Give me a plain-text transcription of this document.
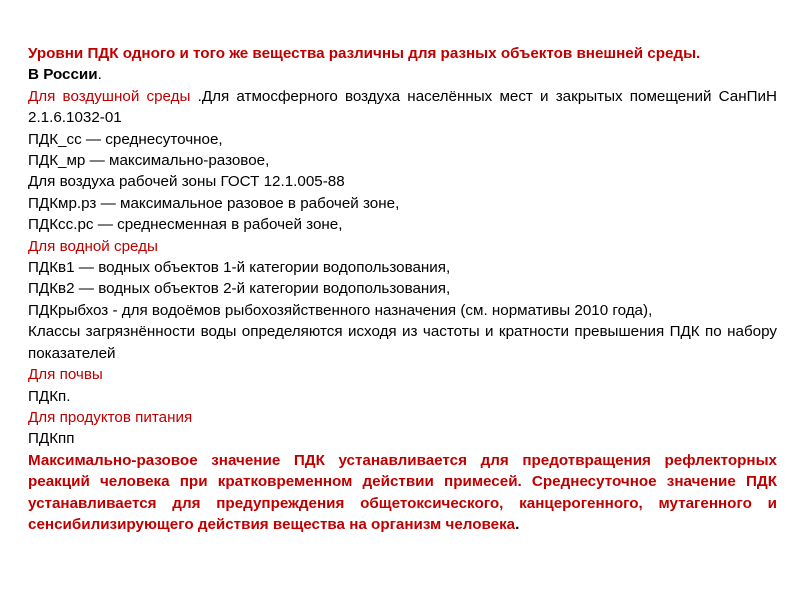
Уровни ПДК одного и того же вещества различны для разных объектов внешней среды.

В России.

Для воздушной среды .Для атмосферного воздуха населённых мест и закрытых помещений СанПиН 2.1.6.1032-01

ПДК_сс — среднесуточное,

ПДК_мр — максимально-разовое,

Для воздуха рабочей зоны ГОСТ 12.1.005-88

ПДКмр.рз — максимальное разовое в рабочей зоне,

ПДКсс.рс — среднесменная в рабочей зоне,

Для водной среды

ПДКв1 — водных объектов 1-й категории водопользования,

ПДКв2 — водных объектов 2-й категории водопользования,

ПДКрыбхоз - для водоёмов рыбохозяйственного назначения (см. нормативы 2010 года),

Классы загрязнённости воды определяются исходя из частоты и кратности превышения ПДК по набору показателей

Для почвы

ПДКп.

Для продуктов питания

ПДКпп

Максимально-разовое значение ПДК устанавливается для предотвращения рефлекторных реакций человека при кратковременном действии примесей. Среднесуточное значение ПДК устанавливается для предупреждения общетоксического, канцерогенного, мутагенного и сенсибилизирующего действия вещества на организм человека.
